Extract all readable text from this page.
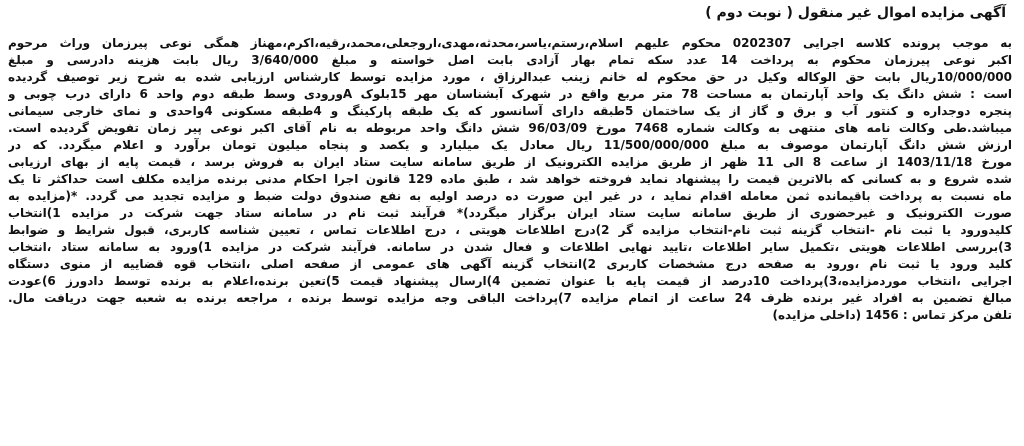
آگهی مزایده اموال غیر منقول ( نوبت دوم )
به موجب پرونده کلاسه اجرایی 0202307 محکوم علیهم اسلام،رستم،یاسر،محدثه،مهدی،اروجعلی،محمد،رقیه،اکرم،مهناز همگی نوعی پیرزمان وراث مرحوم
اکبر نوعی پیرزمان محکوم به پرداخت 14 عدد سکه تمام بهار آزادی بابت اصل خواسته و مبلغ 3/640/000 ریال بابت هزینه دادرسی و مبلغ
10/000/000ریال بابت حق الوکاله وکیل در حق محکوم له خانم زینب عبدالرزاق ، مورد مزایده توسط کارشناس ارزیابی شده به شرح زیر توصیف گردیده
است : شش دانگ یک واحد آپارتمان به مساحت 78 متر مربع واقع در شهرک آبشناسان مهر 15بلوک Aورودی وسط طبقه دوم واحد 6 دارای درب چوبی و
پنجره دوجداره و کنتور آب و برق و گاز از یک ساختمان 5طبقه دارای آسانسور که یک طبقه پارکینگ و 4طبقه مسکونی 4واحدی و نمای خارجی سیمانی
میباشد.طی وکالت نامه های منتهی به وکالت شماره 7468 مورخ 96/03/09 شش دانگ واحد مربوطه به نام آقای اکبر نوعی پیر زمان تفویض گردیده است.
ارزش شش دانگ آپارتمان موصوف به مبلغ 11/500/000/000 ریال معادل یک میلیارد و یکصد و پنجاه میلیون تومان برآورد و اعلام میگردد. که در
مورخ 1403/11/18 از ساعت 8 الی 11 ظهر از طریق مزایده الکترونیک از طریق سامانه سایت ستاد ایران به فروش برسد ، قیمت پایه از بهای ارزیابی
شده شروع و به کسانی که بالاترین قیمت را پیشنهاد نماید فروخته خواهد شد ، طبق ماده 129 قانون اجرا احکام مدنی برنده مزایده مکلف است حداکثر تا یک
ماه نسبت به پرداخت باقیمانده ثمن معامله اقدام نماید ، در غیر این صورت ده درصد اولیه به نفع صندوق دولت ضبط و مزایده تجدید می گردد. *(مزایده به
صورت الکترونیک و غیرحضوری از طریق سامانه سایت ستاد ایران برگزار میگردد)* فرآیند ثبت نام در سامانه ستاد جهت شرکت در مزایده 1)انتخاب
کلیدورود یا ثبت نام -انتخاب گزینه ثبت نام-انتخاب مزایده گر 2)درج اطلاعات هویتی ، درج اطلاعات تماس ، تعیین شناسه کاربری، قبول شرایط و ضوابط
3)بررسی اطلاعات هویتی ،تکمیل سایر اطلاعات ،تایید نهایی اطلاعات و فعال شدن در سامانه. فرآیند شرکت در مزایده 1)ورود به سامانه ستاد ،انتخاب
کلید ورود یا ثبت نام ،ورود به صفحه درج مشخصات کاربری 2)انتخاب گزینه آگهی های عمومی از صفحه اصلی ،انتخاب قوه قضاییه از منوی دستگاه
اجرایی ،انتخاب موردمزایده،3)پرداخت 10درصد از قیمت پایه با عنوان تضمین 4)ارسال پیشنهاد قیمت 5)تعین برنده،اعلام به برنده توسط دادورز 6)عودت
مبالغ تضمین به افراد غیر برنده ظرف 24 ساعت از اتمام مزایده 7)پرداخت الباقی وجه مزایده توسط برنده ، مراجعه برنده به شعبه جهت دریافت مال.
تلفن مرکز تماس : 1456 (داخلی مزایده)
